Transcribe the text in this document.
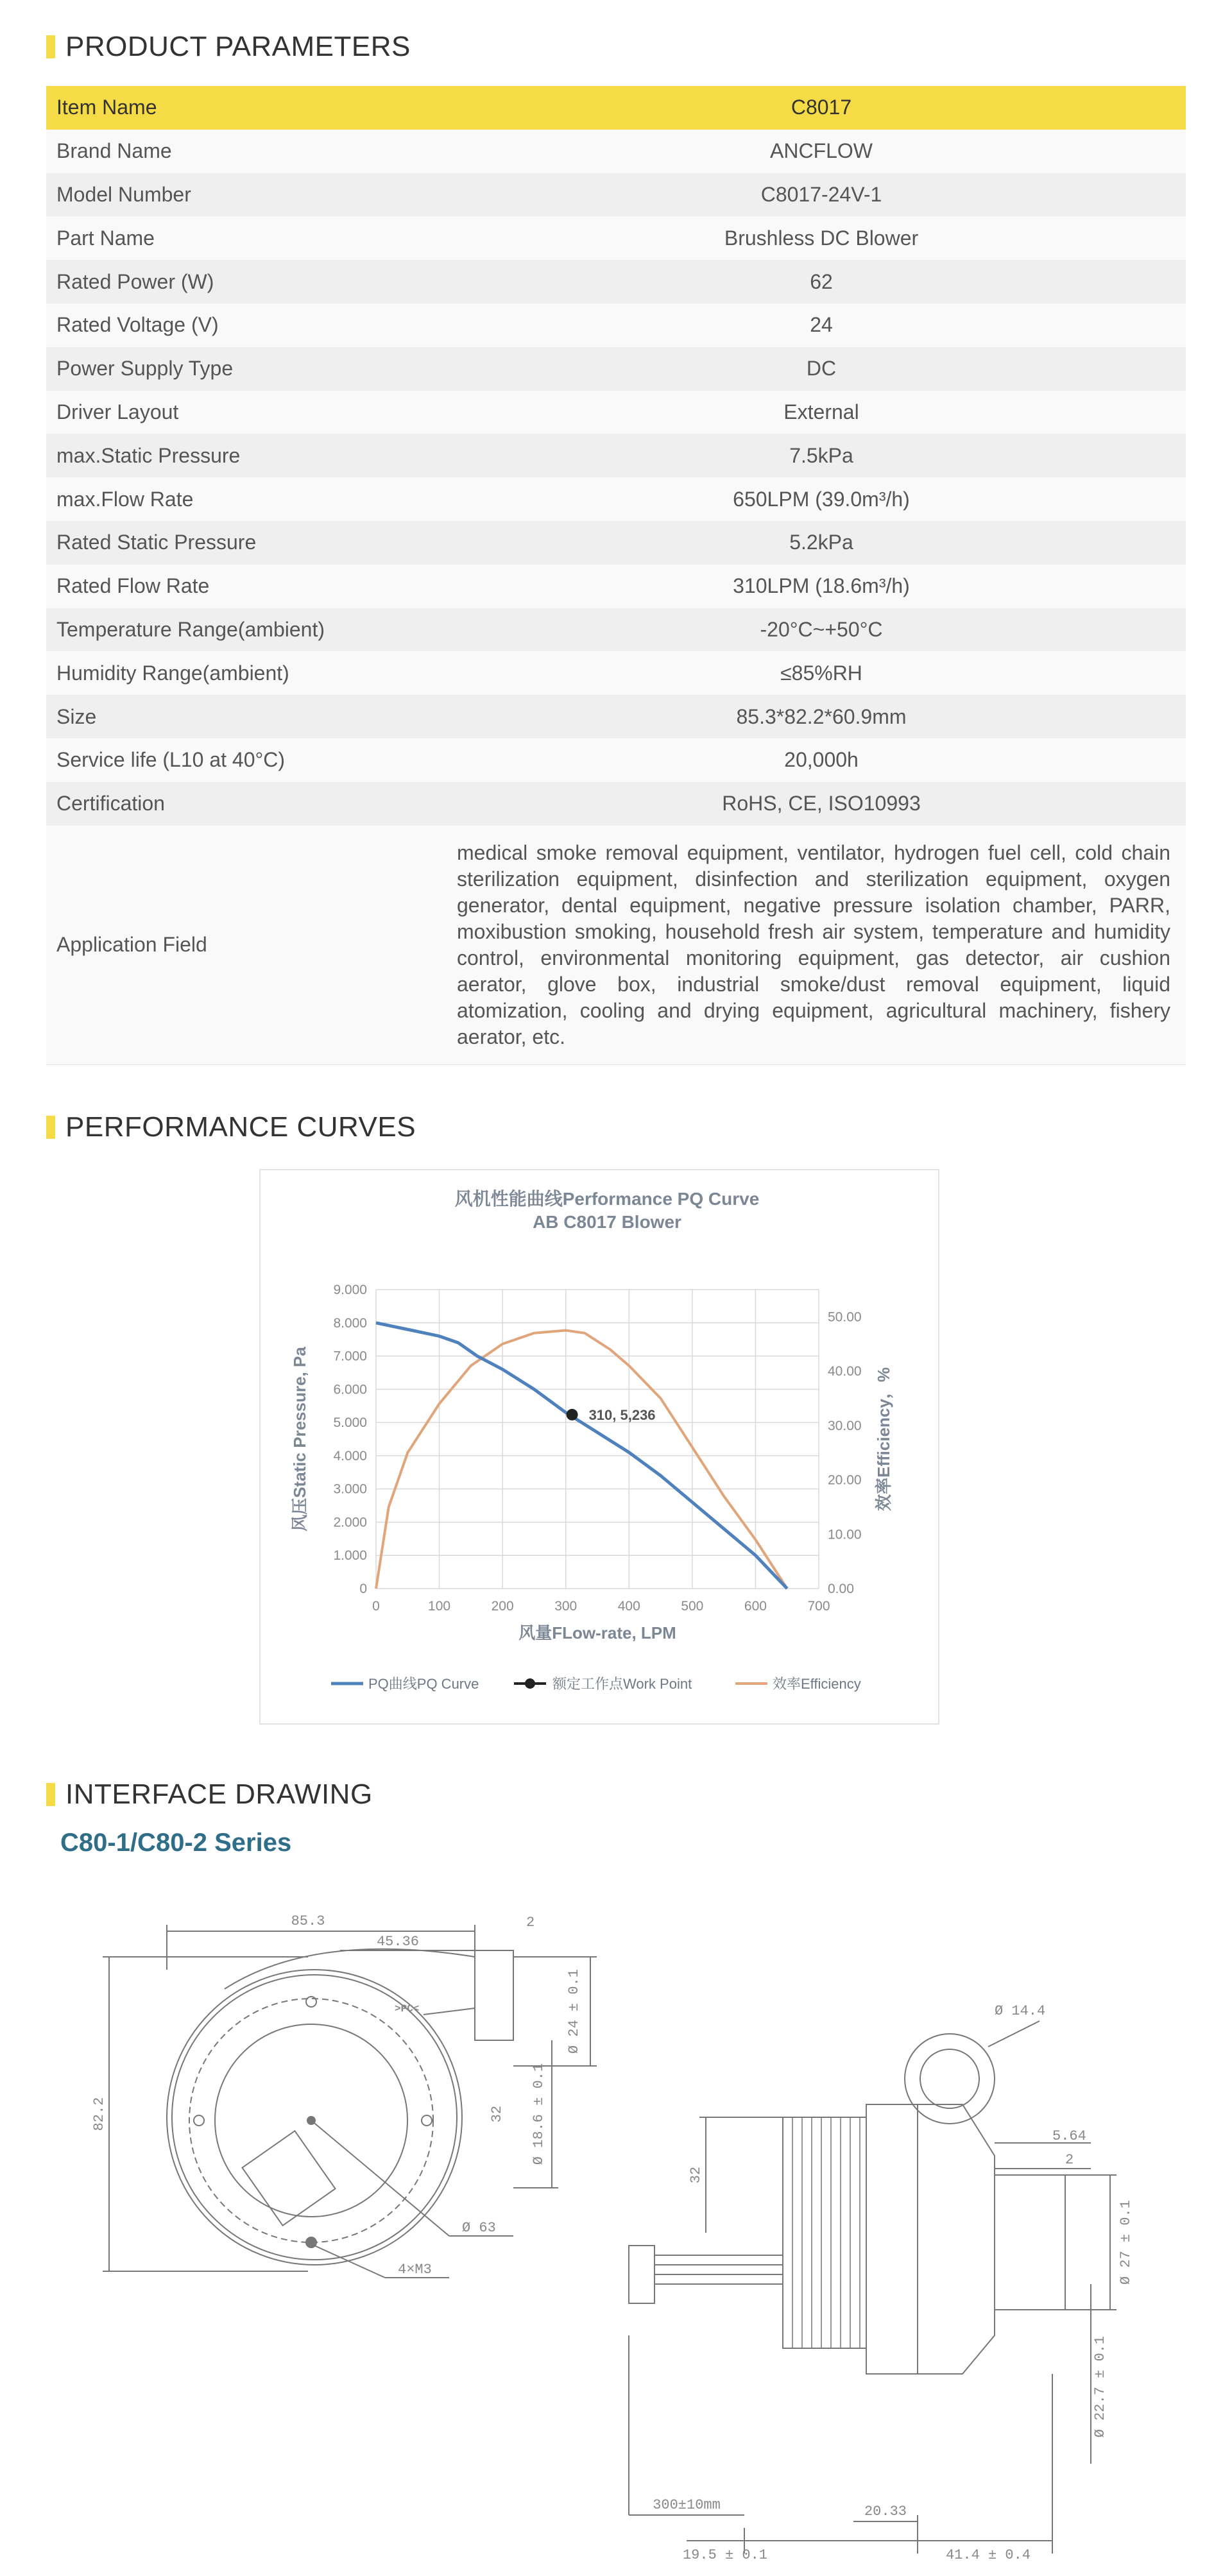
PRODUCT PARAMETERS
Item Name	C8017
Brand Name	ANCFLOW
Model Number	C8017-24V-1
Part Name	Brushless DC Blower
Rated Power (W)	62
Rated Voltage (V)	24
Power Supply Type	DC
Driver Layout	External
max.Static Pressure	7.5kPa
max.Flow Rate	650LPM (39.0m³/h)
Rated Static Pressure	5.2kPa
Rated Flow Rate	310LPM (18.6m³/h)
Temperature Range(ambient)	-20°C~+50°C
Humidity Range(ambient)	≤85%RH
Size	85.3*82.2*60.9mm
Service life (L10 at 40°C)	20,000h
Certification	RoHS, CE, ISO10993
Application Field	medical smoke removal equipment, ventilator, hydrogen fuel cell, cold chain sterilization equipment, disinfection and sterilization equipment, oxygen generator, dental equipment, negative pressure isolation chamber, PARR, moxibustion smoking, household fresh air system, temperature and humidity control, environmental monitoring equipment, gas detector, air cushion aerator, glove box, industrial smoke/dust removal equipment, liquid atomization, cooling and drying equipment, agricultural machinery, fishery aerator, etc.
PERFORMANCE CURVES
风机性能曲线Performance PQ Curve
AB C8017 Blower
0
1.000
2.000
3.000
4.000
5.000
6.000
7.000
8.000
9.000
0	100	200	300	400	500	600	700
0.00
10.00
20.00
30.00
40.00
50.00
风量FLow-rate, LPM
风压Static Pressure, Pa	效率Efficiency，%
310, 5,236
PQ曲线PQ Curve	额定工作点Work Point	效率Efficiency
INTERFACE DRAWING
C80-1/C80-2 Series
85.3
45.36
2
82.2	32
Ø 24 ± 0.1
Ø 18.6 ± 0.1
Ø 63
4×M3
Ø 14.4
5.64
2
32
Ø 27 ± 0.1
Ø 22.7 ± 0.1
300±10mm	20.33
19.5 ± 0.1	41.4 ± 0.4
>PC<
